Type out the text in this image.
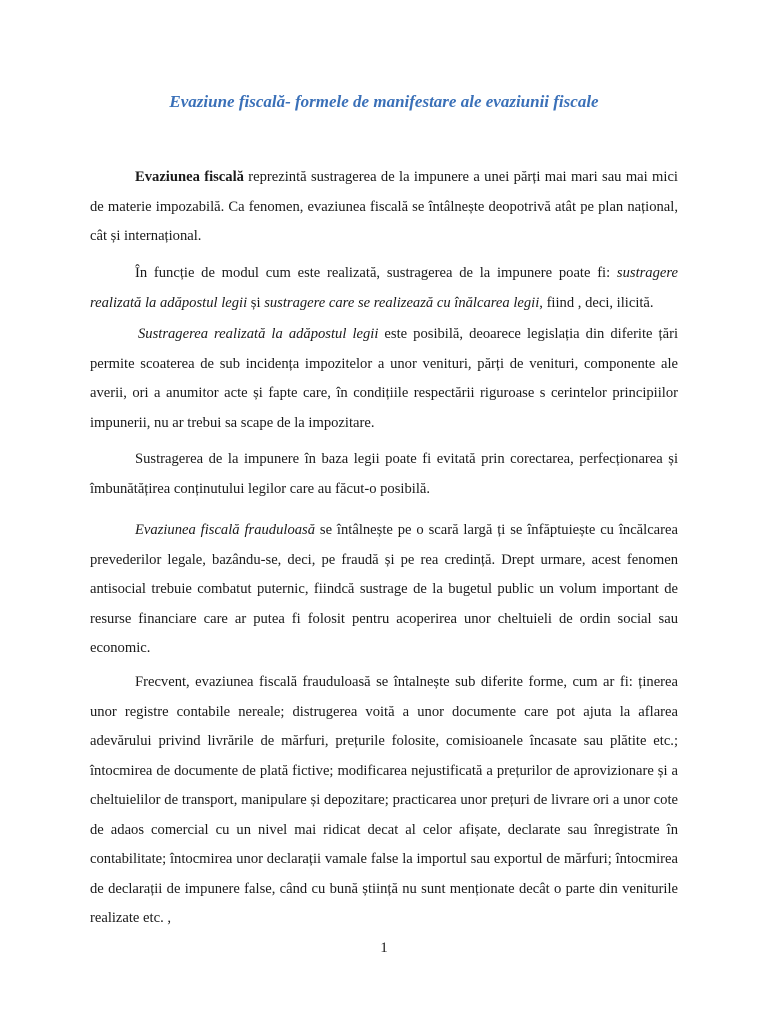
Evaziune fiscală- formele de manifestare ale evaziunii fiscale

Evaziunea fiscală reprezintă sustragerea de la impunere a unei părți mai mari sau mai mici de materie impozabilă. Ca fenomen, evaziunea fiscală se întâlnește deopotrivă atât pe plan național, cât și internațional.

În funcție de modul cum este realizată, sustragerea de la impunere poate fi: sustragere realizată la adăpostul legii și sustragere care se realizează cu înălcarea legii, fiind , deci, ilicită.

Sustragerea realizată la adăpostul legii este posibilă, deoarece legislația din diferite țări permite scoaterea de sub incidența impozitelor a unor venituri, părți de venituri, componente ale averii, ori a anumitor acte și fapte care, în condițiile respectării riguroase s cerintelor principiilor impunerii, nu ar trebui sa scape de la impozitare.

Sustragerea de la impunere în baza legii poate fi evitată prin corectarea, perfecționarea și îmbunătățirea conținutului legilor care au făcut-o posibilă.

Evaziunea fiscală frauduloasă se întâlnește pe o scară largă ți se înfăptuiește cu încălcarea prevederilor legale, bazându-se, deci, pe fraudă și pe rea credință. Drept urmare, acest fenomen antisocial trebuie combatut puternic, fiindcă sustrage de la bugetul public un volum important de resurse financiare care ar putea fi folosit pentru acoperirea unor cheltuieli de ordin social sau economic.

Frecvent, evaziunea fiscală frauduloasă se întalnește sub diferite forme, cum ar fi: ținerea unor registre contabile nereale; distrugerea voită a unor documente care pot ajuta la aflarea adevărului privind livrările de mărfuri, prețurile folosite, comisioanele încasate sau plătite etc.; întocmirea de documente de plată fictive; modificarea nejustificată a prețurilor de aprovizionare și a cheltuielilor de transport, manipulare și depozitare; practicarea unor prețuri de livrare ori a unor cote de adaos comercial cu un nivel mai ridicat decat al celor afișate, declarate sau înregistrate în contabilitate; întocmirea unor declarații vamale false la importul sau exportul de mărfuri; întocmirea de declarații de impunere false, când cu bună știință nu sunt menționate decât o parte din veniturile realizate etc. ,

1
